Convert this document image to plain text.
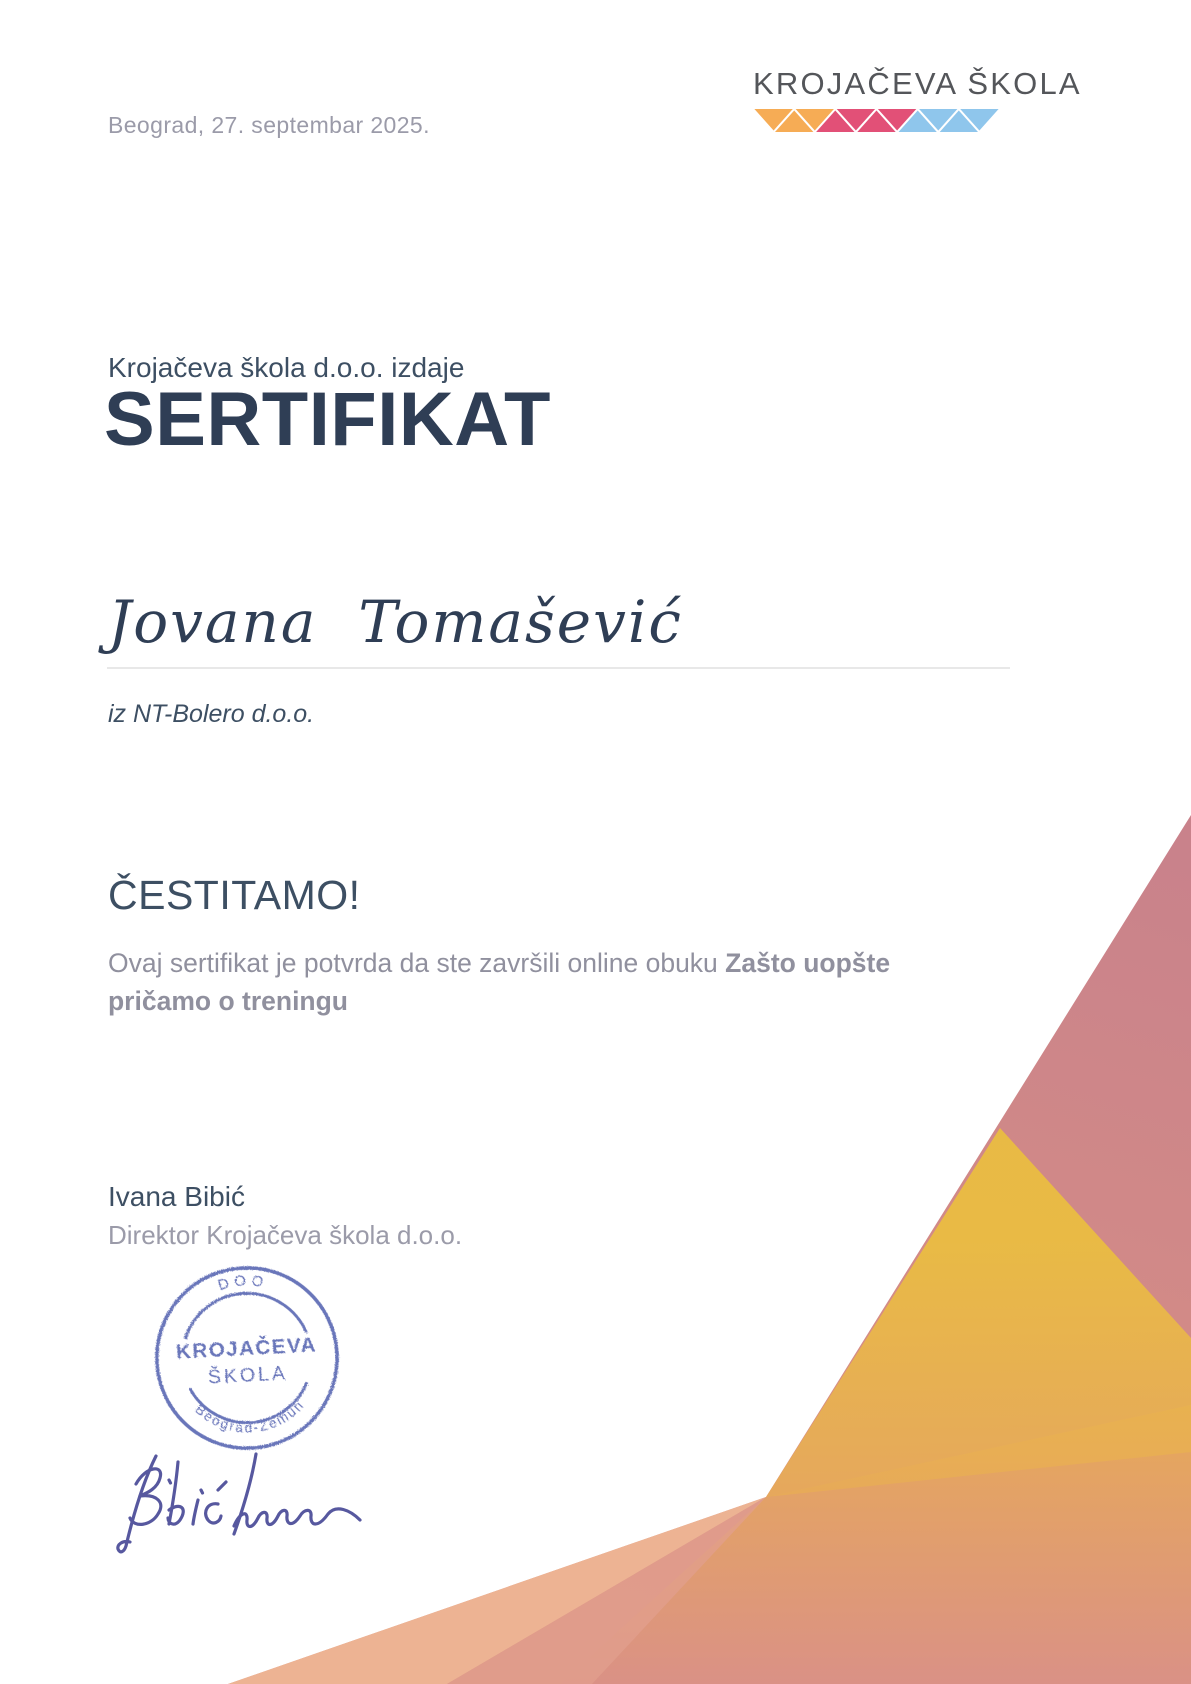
Beograd, 27. septembar 2025.
KROJAČEVA ŠKOLA
Krojačeva škola d.o.o. izdaje
SERTIFIKAT
Jovana  Tomašević
iz NT-Bolero d.o.o.
ČESTITAMO!
Ovaj sertifikat je potvrda da ste završili online obuku Zašto uopšte
pričamo o treningu
Ivana Bibić
Direktor Krojačeva škola d.o.o.
DOO
KROJAČEVA
ŠKOLA
Beograd-Zemun
